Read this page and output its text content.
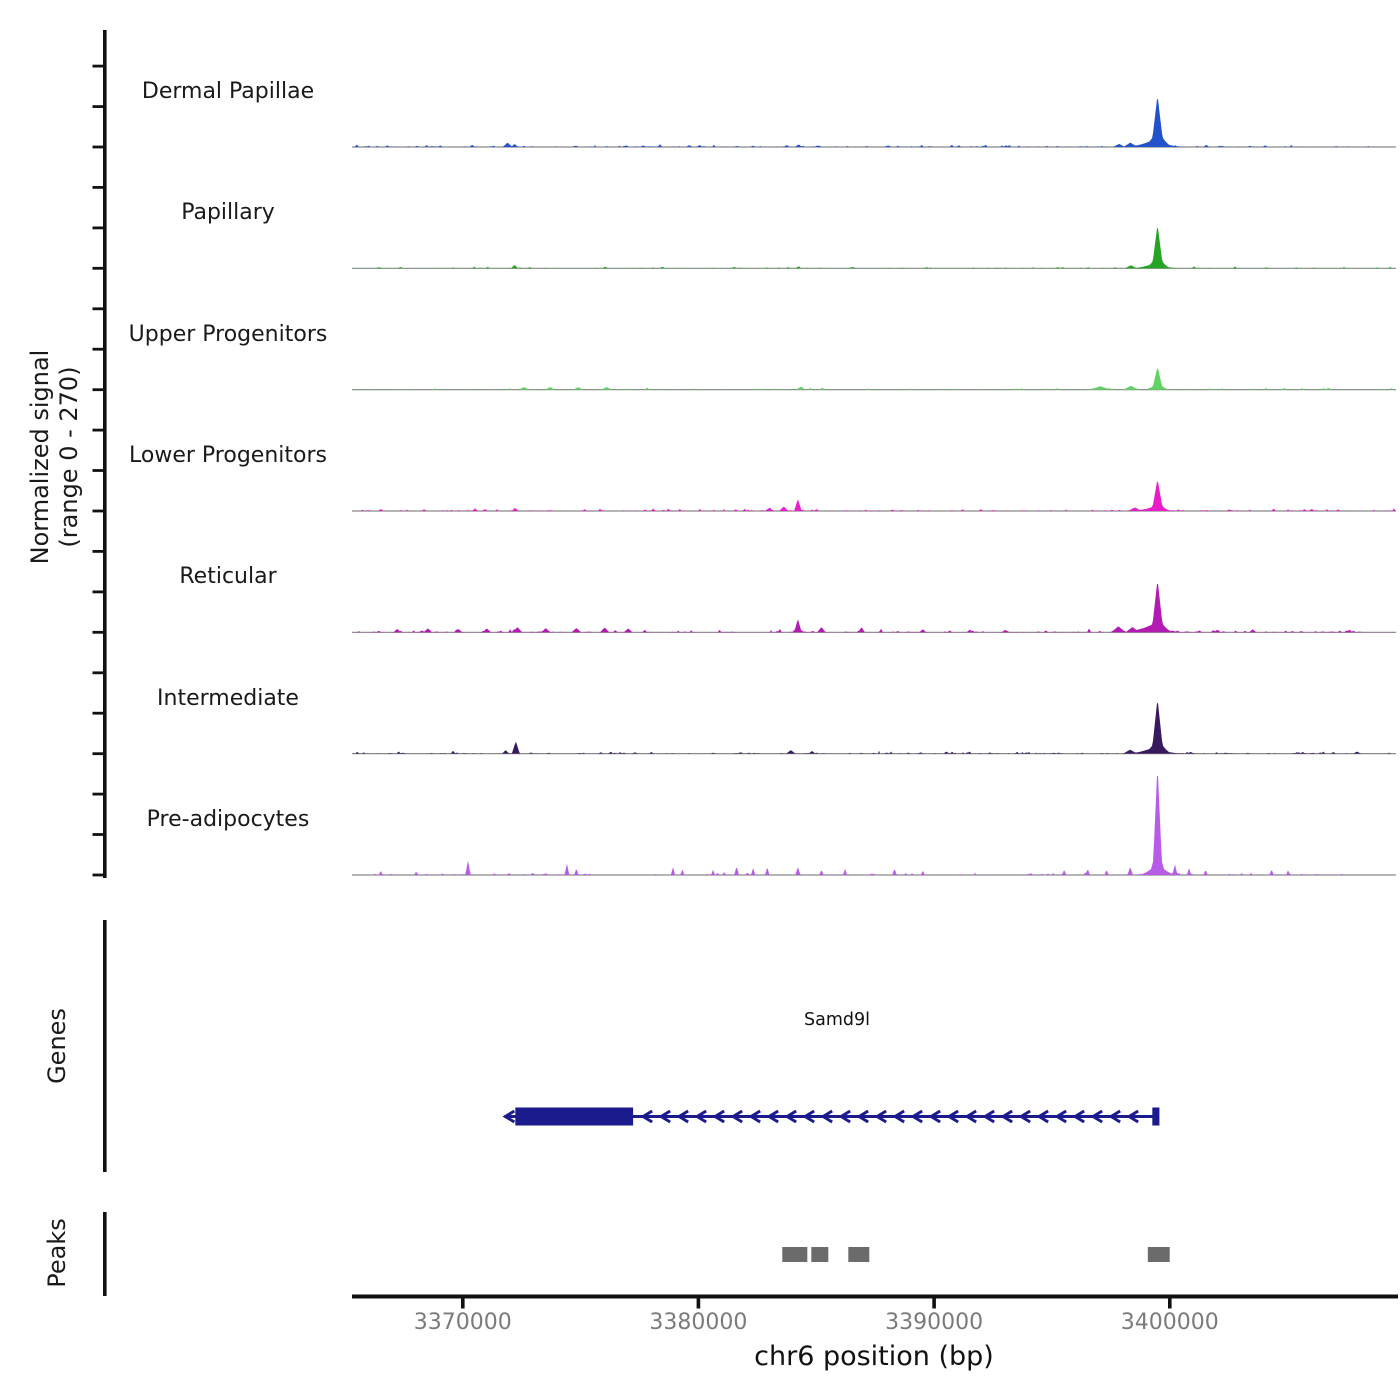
Dermal Papillae
Papillary
Upper Progenitors
Lower Progenitors
Reticular
Intermediate
Pre-adipocytes
Normalized signal (range 0 - 270)
Genes
Peaks
Samd9l
3370000	3380000	3390000	3400000
chr6 position (bp)
